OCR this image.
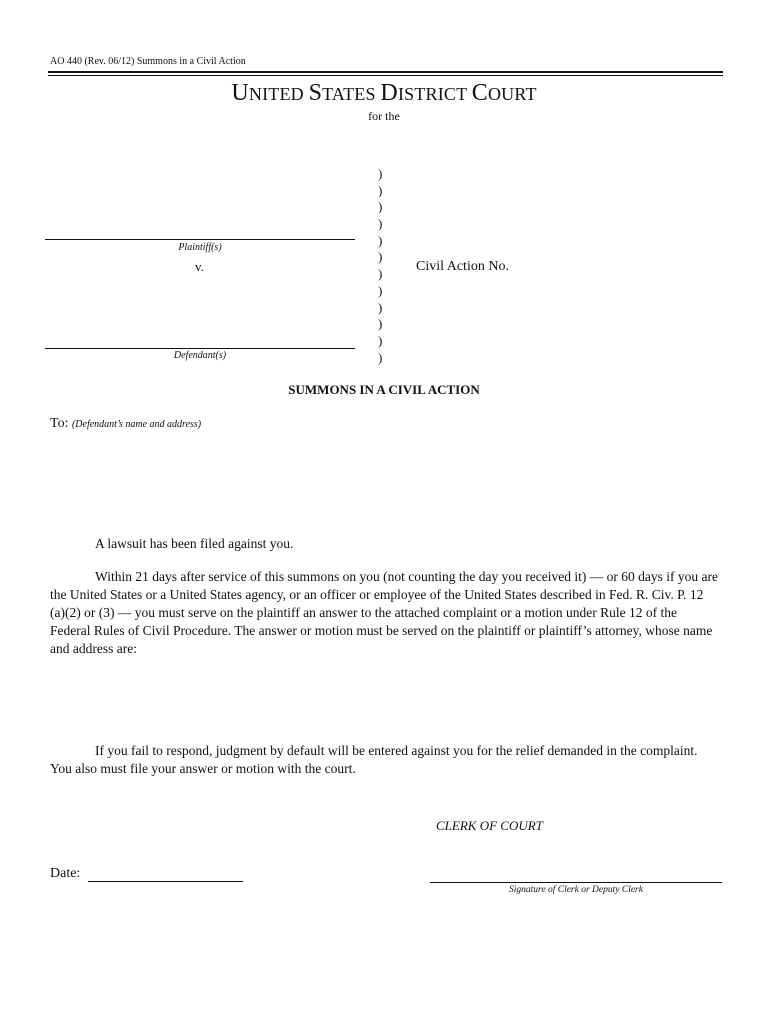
AO 440 (Rev. 06/12) Summons in a Civil Action
UNITED STATES DISTRICT COURT
for the
)
)
)
)
)
)
)
)
)
)
)
)
Plaintiff(s)
v.	Civil Action No.
Defendant(s)
SUMMONS IN A CIVIL ACTION
To: (Defendant’s name and address)
A lawsuit has been filed against you.
Within 21 days after service of this summons on you (not counting the day you received it) — or 60 days if you are the United States or a United States agency, or an officer or employee of the United States described in Fed. R. Civ. P. 12 (a)(2) or (3) — you must serve on the plaintiff an answer to the attached complaint or a motion under Rule 12 of the Federal Rules of Civil Procedure. The answer or motion must be served on the plaintiff or plaintiff’s attorney, whose name and address are:
If you fail to respond, judgment by default will be entered against you for the relief demanded in the complaint. You also must file your answer or motion with the court.
CLERK OF COURT
Date:
Signature of Clerk or Deputy Clerk
